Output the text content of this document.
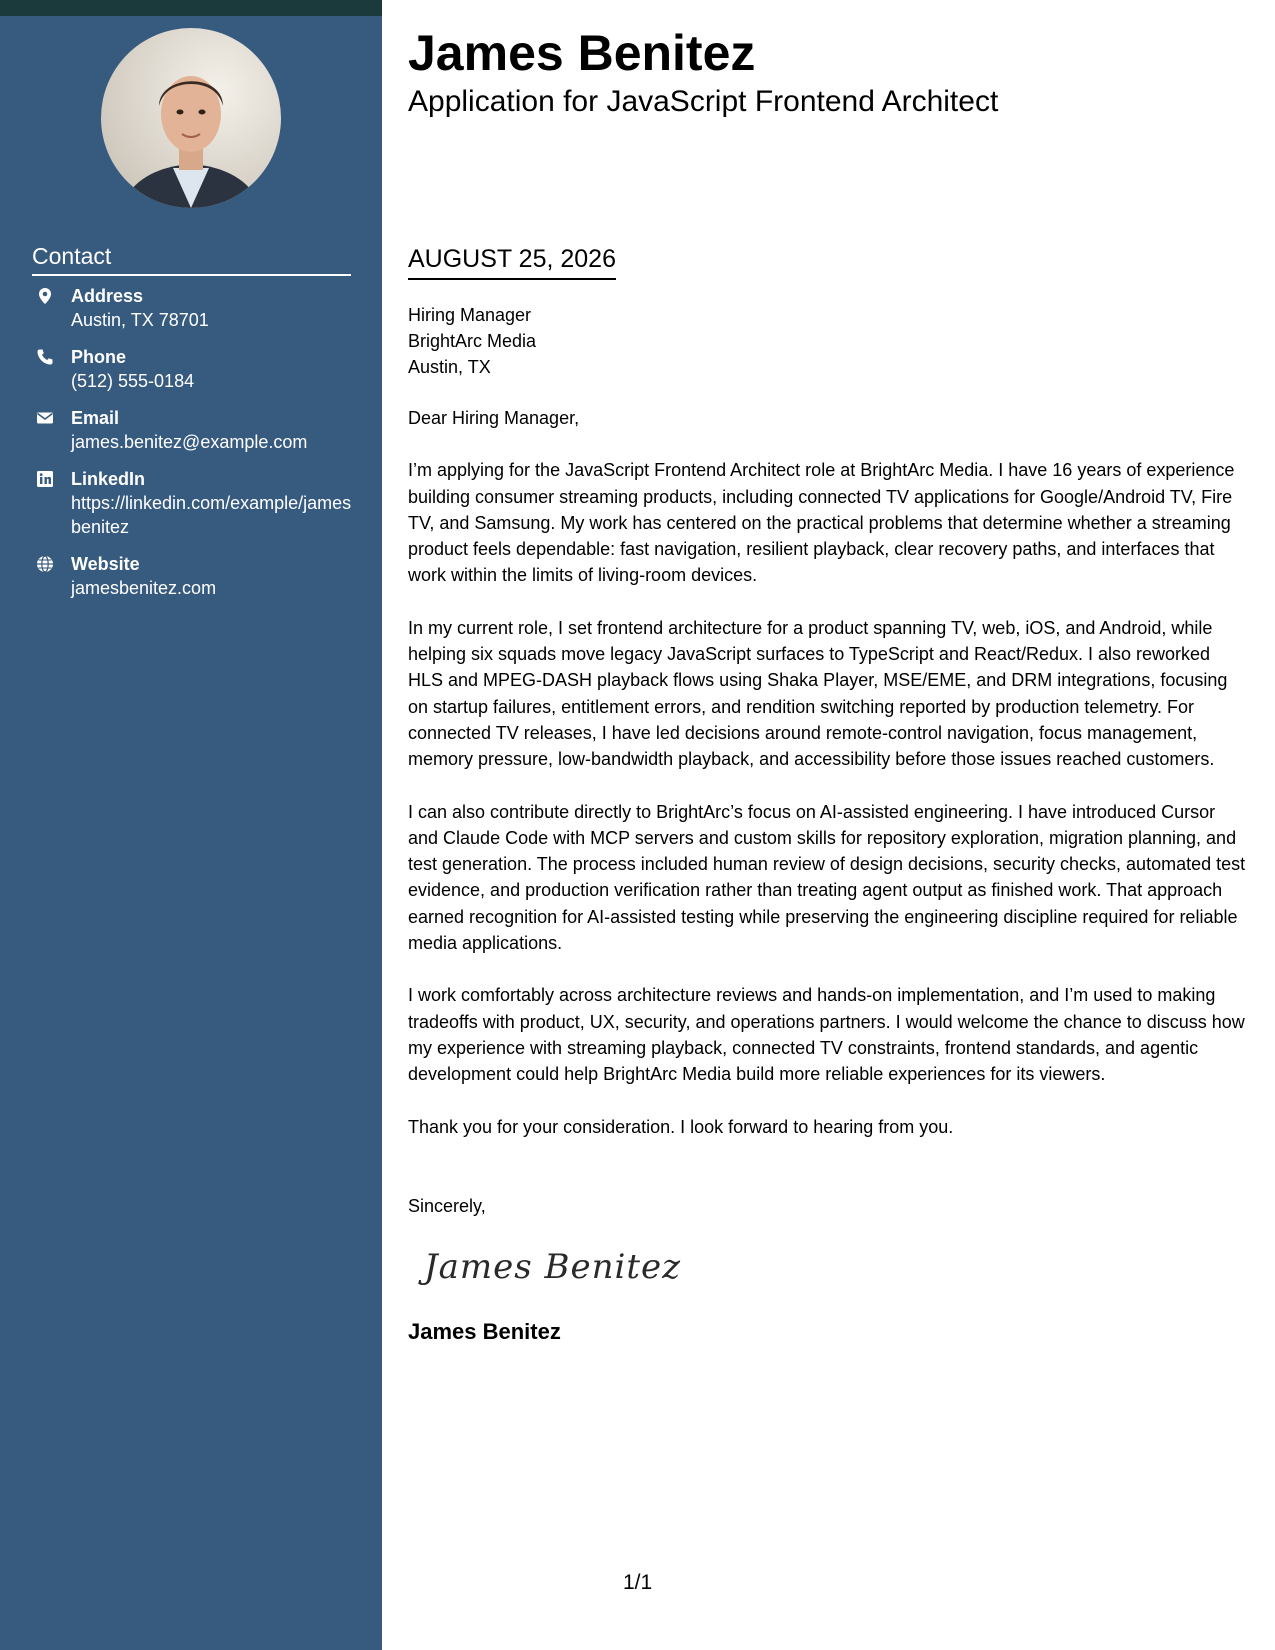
Contact
Address
Austin, TX 78701
Phone
(512) 555-0184
Email
james.benitez@example.com
LinkedIn
https://linkedin.com/example/jamesbenitez
Website
jamesbenitez.com
James Benitez
Application for JavaScript Frontend Architect
AUGUST 25, 2026
Hiring Manager
BrightArc Media
Austin, TX
Dear Hiring Manager,
I’m applying for the JavaScript Frontend Architect role at BrightArc Media. I have 16 years of experience building consumer streaming products, including connected TV applications for Google/Android TV, Fire TV, and Samsung. My work has centered on the practical problems that determine whether a streaming product feels dependable: fast navigation, resilient playback, clear recovery paths, and interfaces that work within the limits of living-room devices.
In my current role, I set frontend architecture for a product spanning TV, web, iOS, and Android, while helping six squads move legacy JavaScript surfaces to TypeScript and React/Redux. I also reworked HLS and MPEG-DASH playback flows using Shaka Player, MSE/EME, and DRM integrations, focusing on startup failures, entitlement errors, and rendition switching reported by production telemetry. For connected TV releases, I have led decisions around remote-control navigation, focus management, memory pressure, low-bandwidth playback, and accessibility before those issues reached customers.
I can also contribute directly to BrightArc’s focus on AI-assisted engineering. I have introduced Cursor and Claude Code with MCP servers and custom skills for repository exploration, migration planning, and test generation. The process included human review of design decisions, security checks, automated test evidence, and production verification rather than treating agent output as finished work. That approach earned recognition for AI-assisted testing while preserving the engineering discipline required for reliable media applications.
I work comfortably across architecture reviews and hands-on implementation, and I’m used to making tradeoffs with product, UX, security, and operations partners. I would welcome the chance to discuss how my experience with streaming playback, connected TV constraints, frontend standards, and agentic development could help BrightArc Media build more reliable experiences for its viewers.
Thank you for your consideration. I look forward to hearing from you.
Sincerely,
James Benitez
James Benitez
1/1
